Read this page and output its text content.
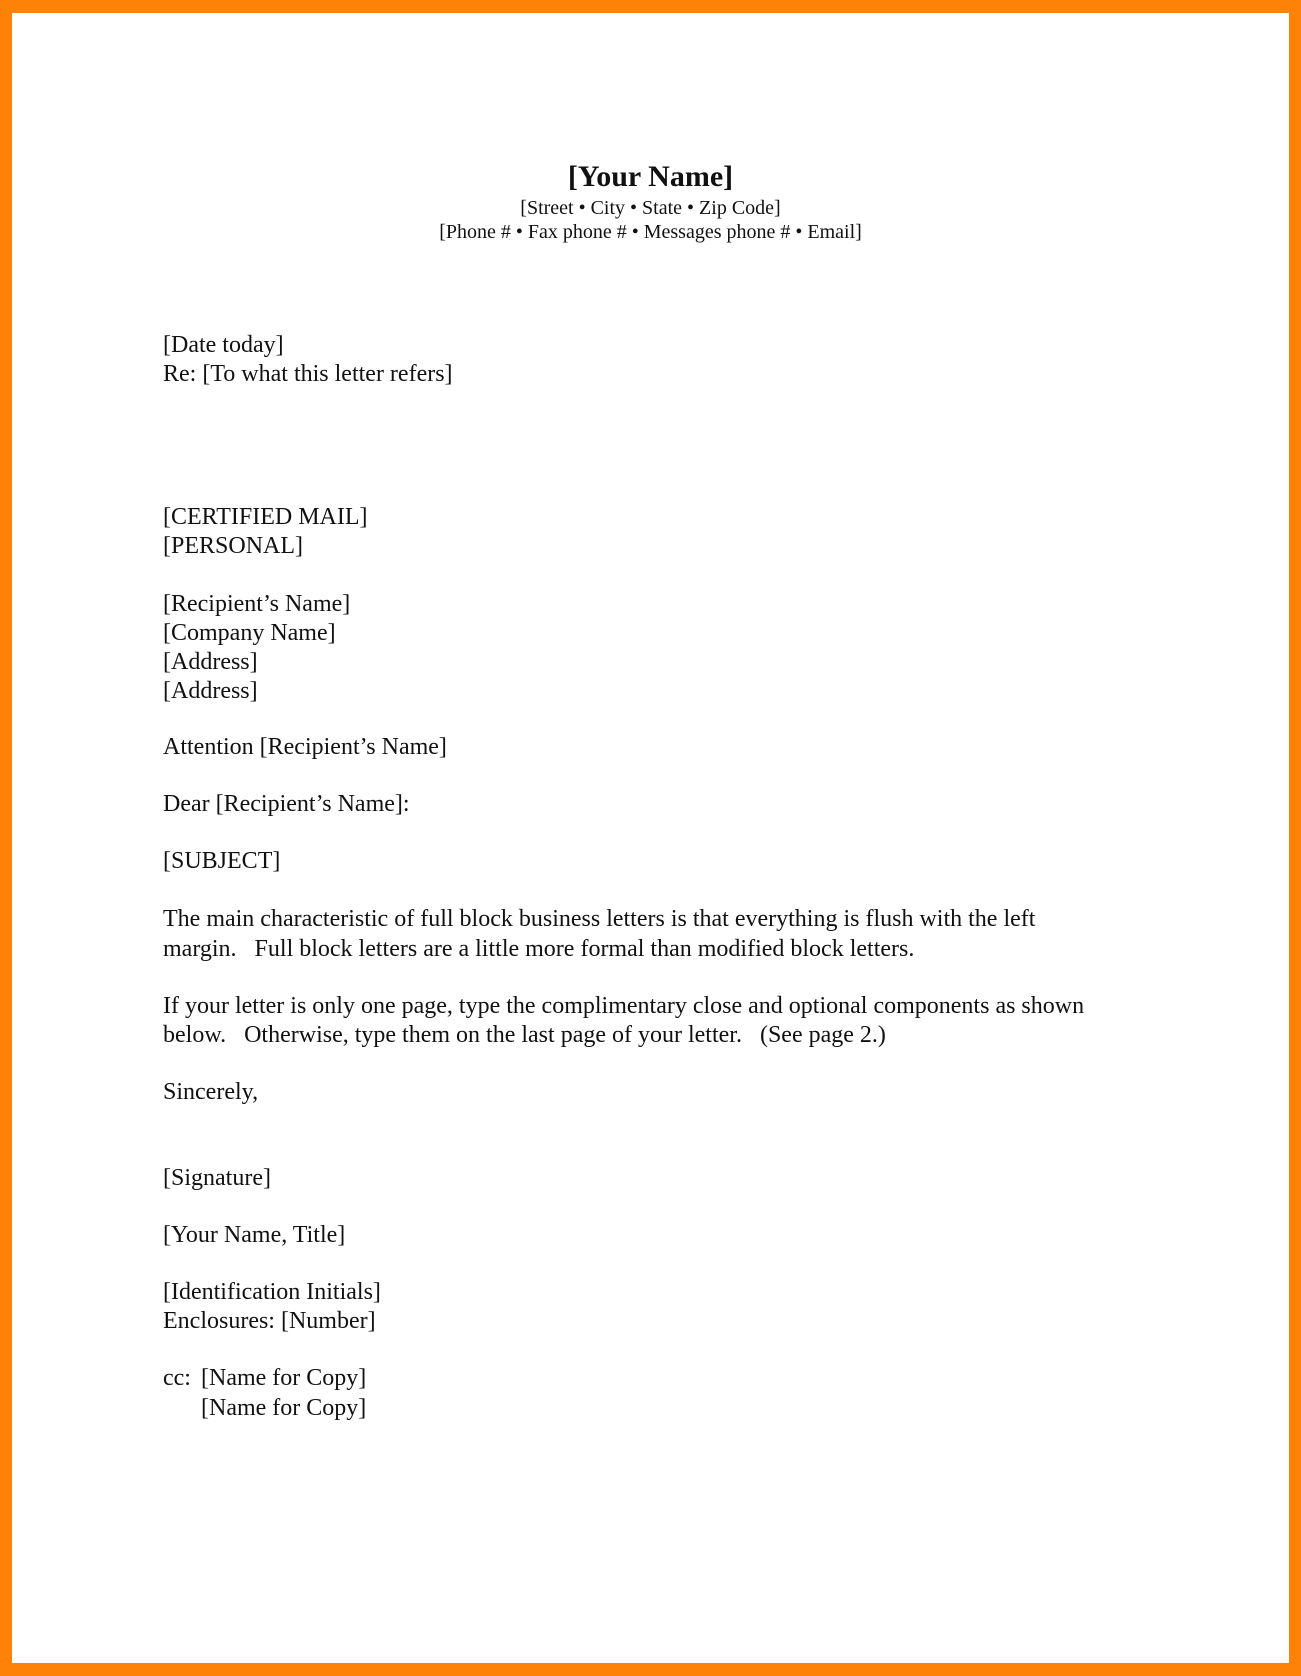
[Your Name]
[Street • City • State • Zip Code]
[Phone # • Fax phone # • Messages phone # • Email]
[Date today]
Re: [To what this letter refers]
[CERTIFIED MAIL]
[PERSONAL]
[Recipient’s Name]
[Company Name]
[Address]
[Address]
Attention [Recipient’s Name]
Dear [Recipient’s Name]:
[SUBJECT]
The main characteristic of full block business letters is that everything is flush with the left
margin.   Full block letters are a little more formal than modified block letters.
If your letter is only one page, type the complimentary close and optional components as shown
below.   Otherwise, type them on the last page of your letter.   (See page 2.)
Sincerely,
[Signature]
[Your Name, Title]
[Identification Initials]
Enclosures: [Number]
cc: [Name for Copy]
[Name for Copy]
